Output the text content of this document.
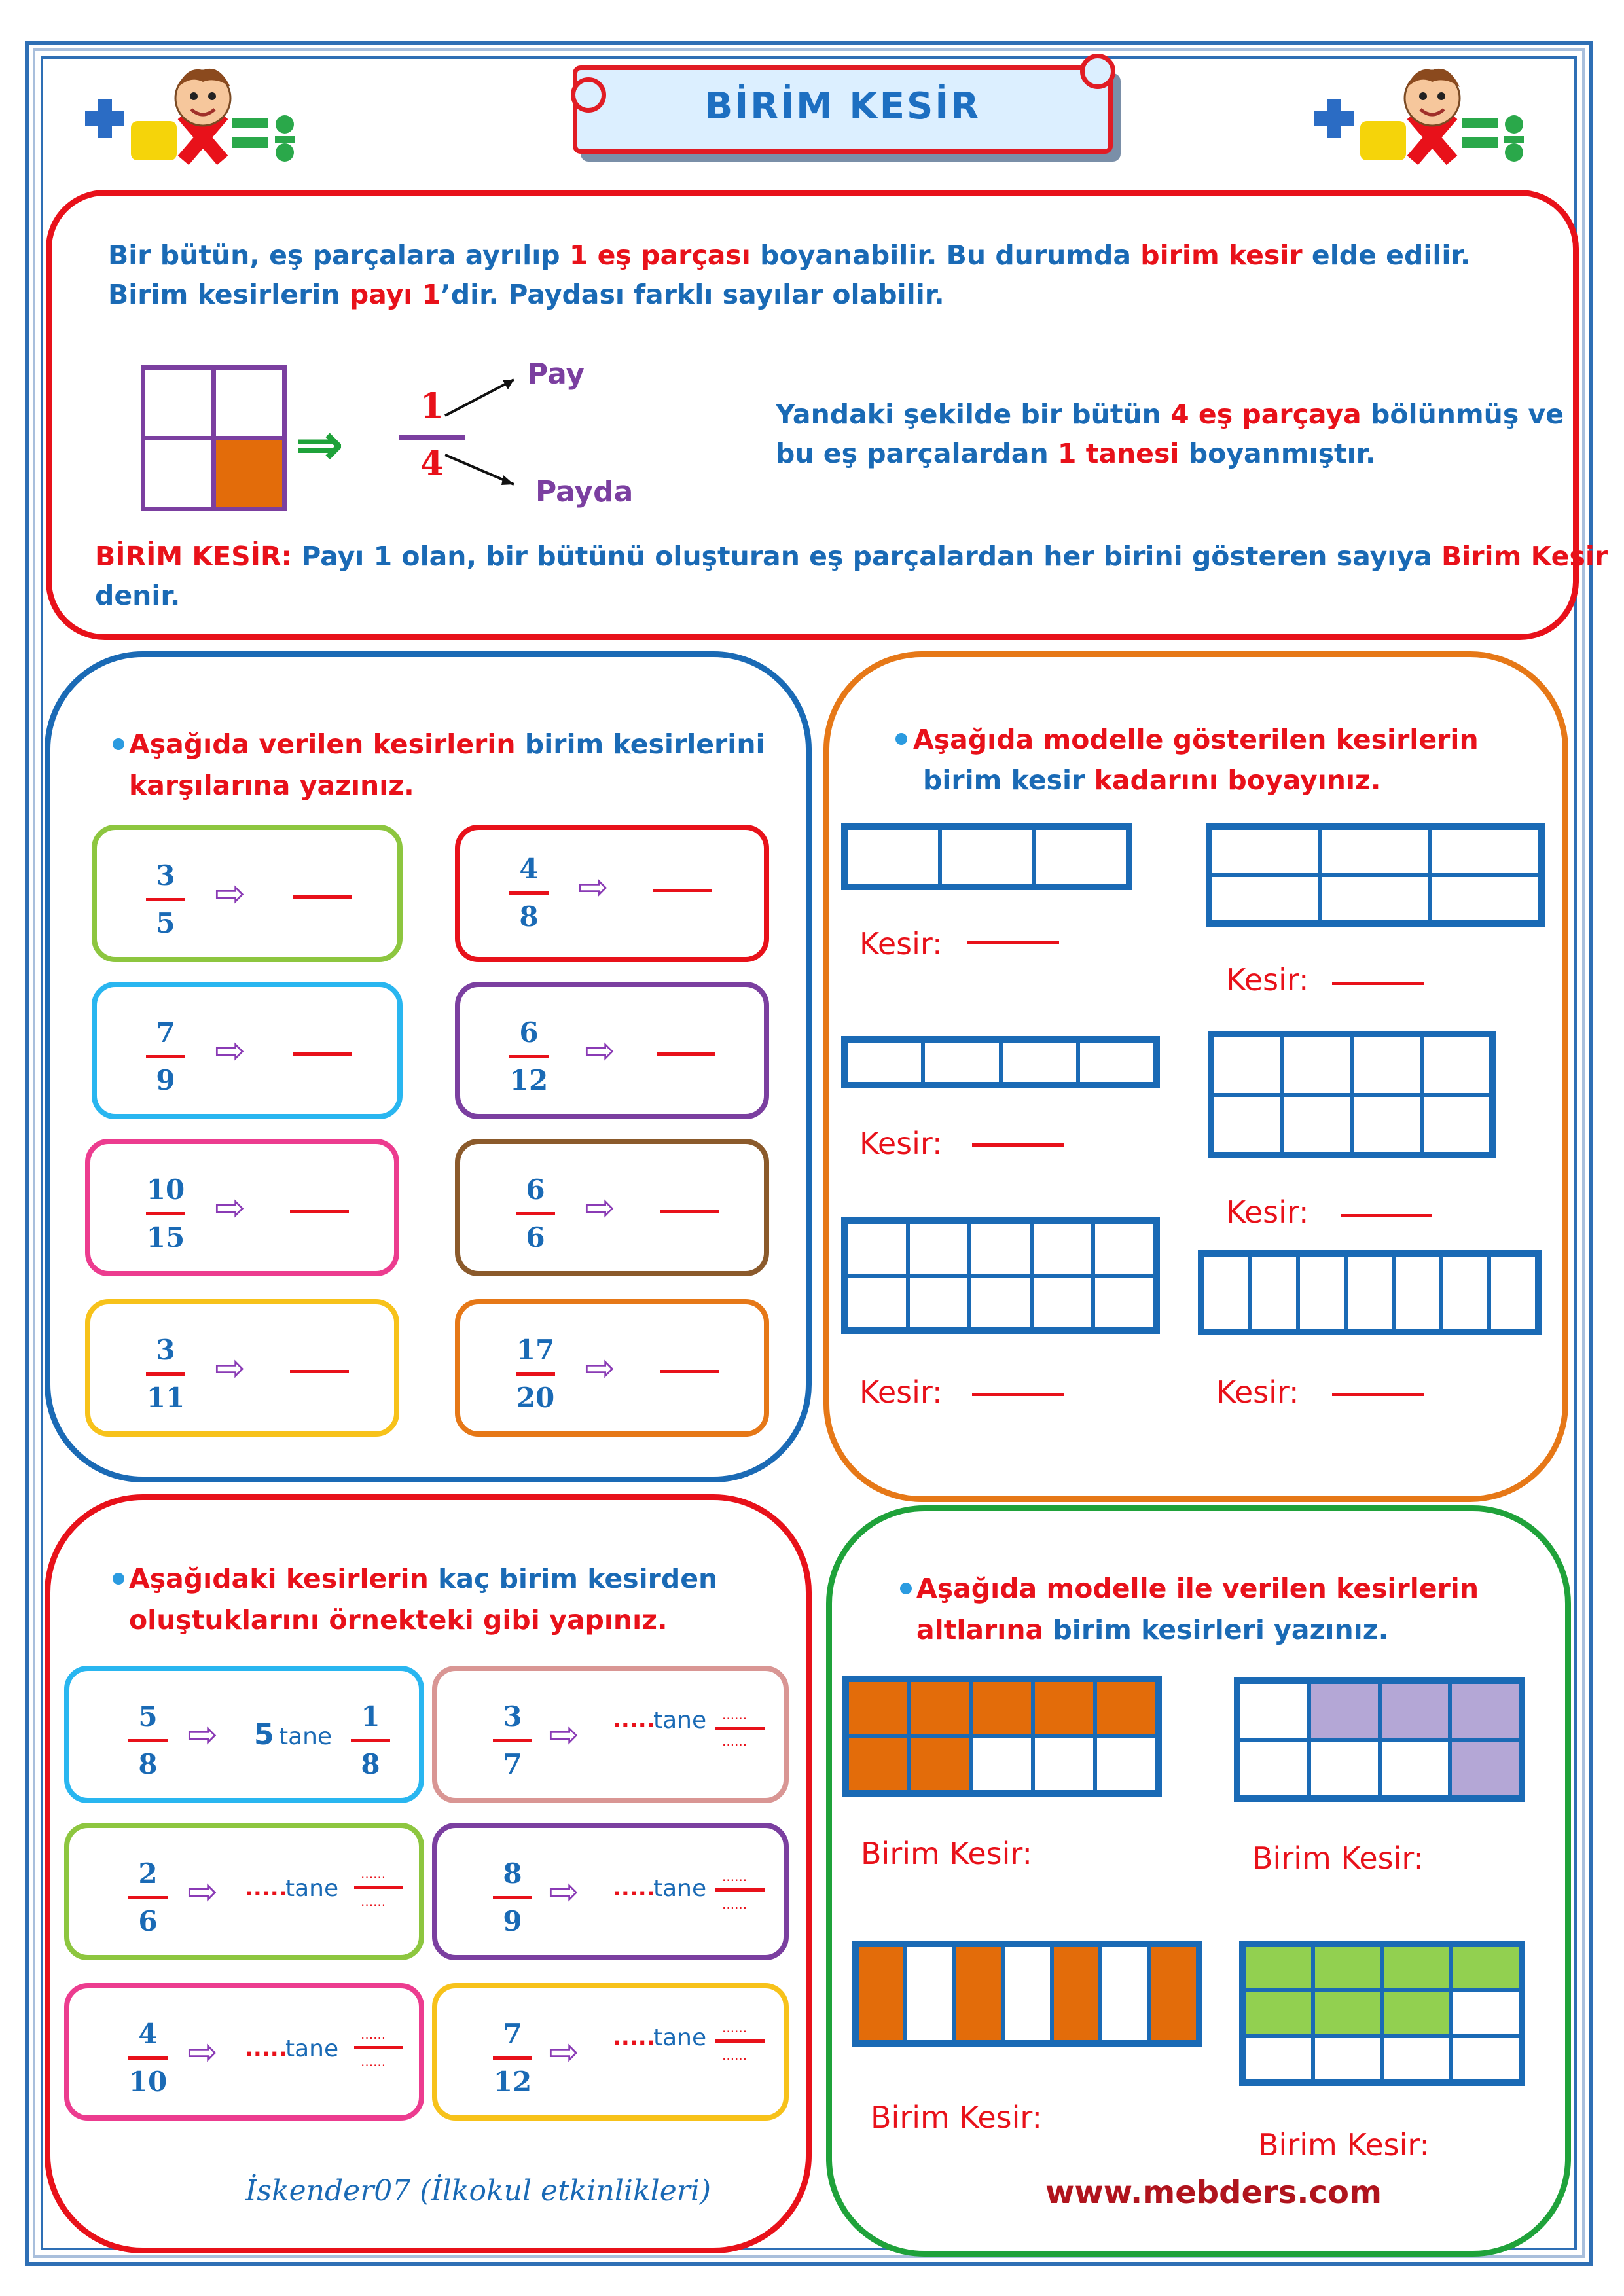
BİRİM KESİR
Bir bütün, eş parçalara ayrılıp 1 eş parçası boyanabilir. Bu durumda birim kesir elde edilir.
Birim kesirlerin payı 1’dir. Paydası farklı sayılar olabilir.
⇒
1
4
Pay
Payda
Yandaki şekilde bir bütün 4 eş parçaya bölünmüş ve
bu eş parçalardan 1 tanesi boyanmıştır.
BİRİM KESİR: Payı 1 olan, bir bütünü oluşturan eş parçalardan her birini gösteren sayıya Birim Kesir
denir.
Aşağıda verilen kesirlerin birim kesirlerini
karşılarına yazınız.
3
5
⇨
4
8
⇨
7
9
⇨	6
12
⇨
10
15
⇨	6
6
⇨
3
11
⇨	17
20
⇨
Aşağıda modelle gösterilen kesirlerin
birim kesir kadarını boyayınız.
Kesir:
Kesir:
Kesir:
Kesir:
Kesir:	Kesir:
Aşağıdaki kesirlerin kaç birim kesirden
oluştuklarını örnekteki gibi yapınız.
5
8
⇨ 5 tane
1
8
3
7
⇨ .....
tane ......
......
2
6
⇨ .....
tane
......
......
8
9
⇨ .....
tane ......
......
4
10
⇨ .....
tane
......
......
7
12
⇨ .....
tane ......
......
İskender07 (İlkokul etkinlikleri)
Aşağıda modelle ile verilen kesirlerin
altlarına birim kesirleri yazınız.
Birim Kesir:	Birim Kesir:
Birim Kesir:
Birim Kesir:
www.mebders.com
